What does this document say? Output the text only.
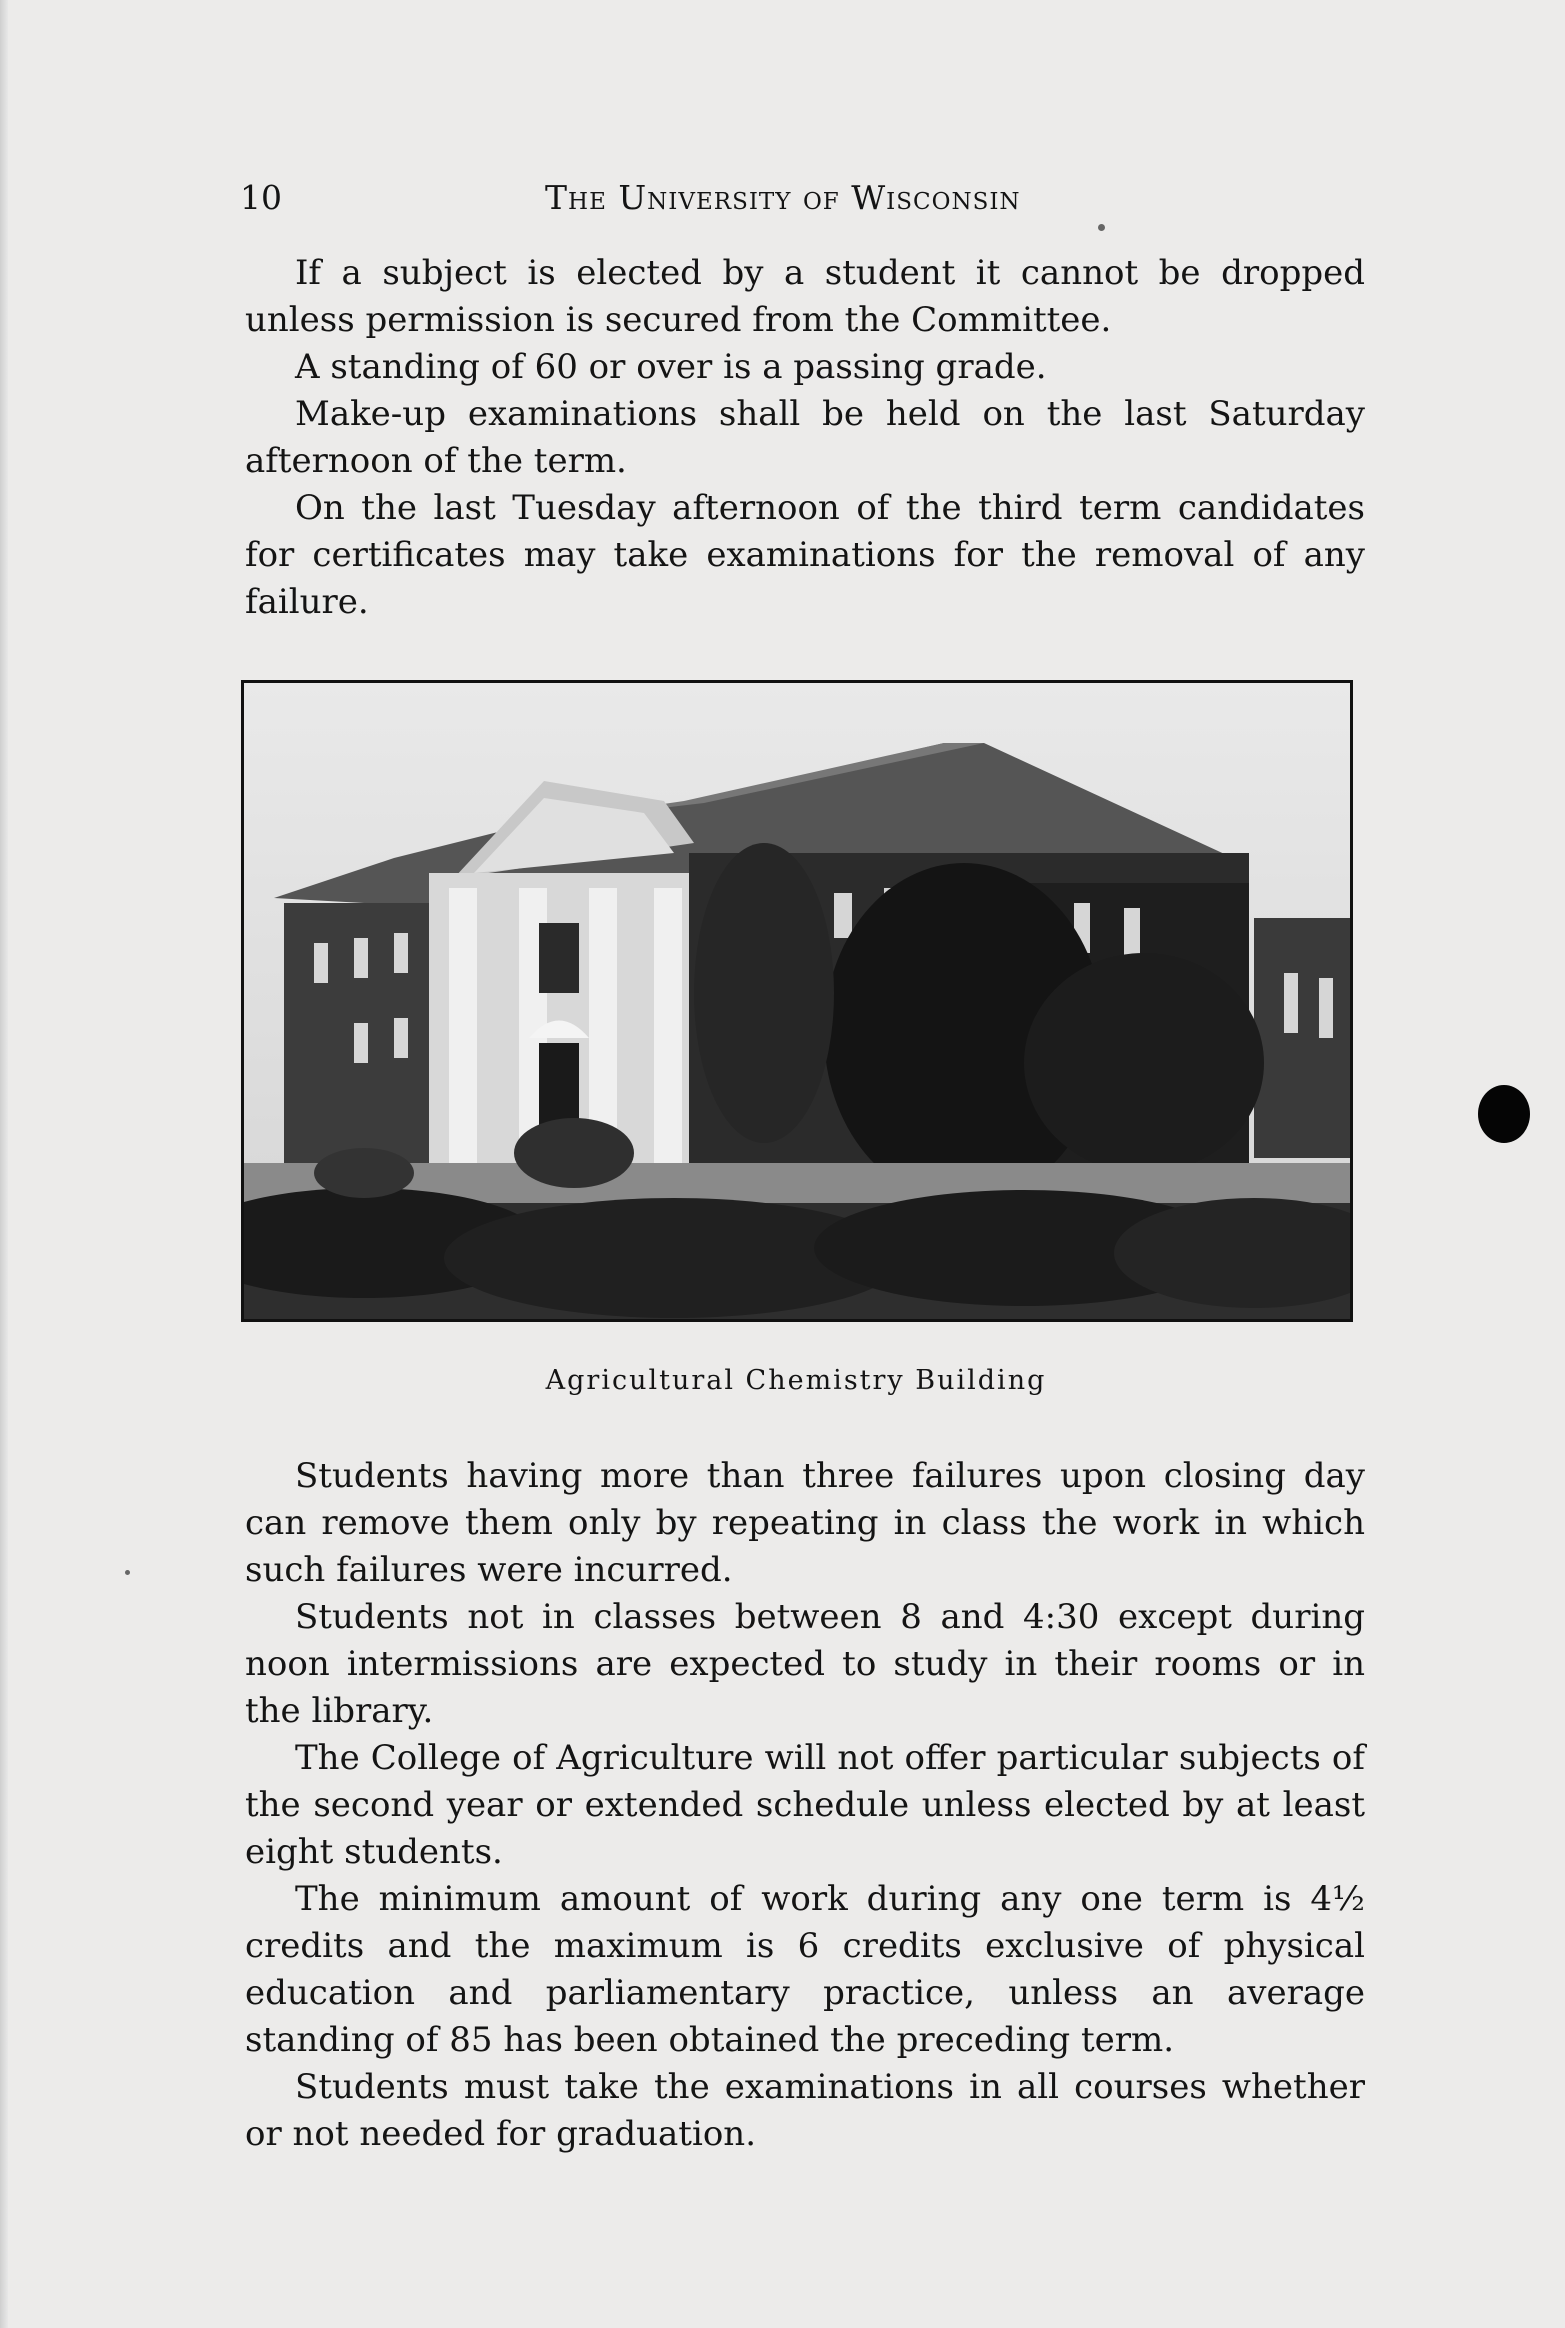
10	The University of Wisconsin

If a subject is elected by a student it cannot be dropped unless permission is secured from the Committee.

A standing of 60 or over is a passing grade.

Make-up examinations shall be held on the last Saturday afternoon of the term.

On the last Tuesday afternoon of the third term candidates for certificates may take examinations for the removal of any failure.

Agricultural Chemistry Building

Students having more than three failures upon closing day can remove them only by repeating in class the work in which such failures were incurred.

Students not in classes between 8 and 4:30 except during noon intermissions are expected to study in their rooms or in the library.

The College of Agriculture will not offer particular subjects of the second year or extended schedule unless elected by at least eight students.

The minimum amount of work during any one term is 4½ credits and the maximum is 6 credits exclusive of physical education and parliamentary practice, unless an average standing of 85 has been obtained the preceding term.

Students must take the examinations in all courses whether or not needed for graduation.
